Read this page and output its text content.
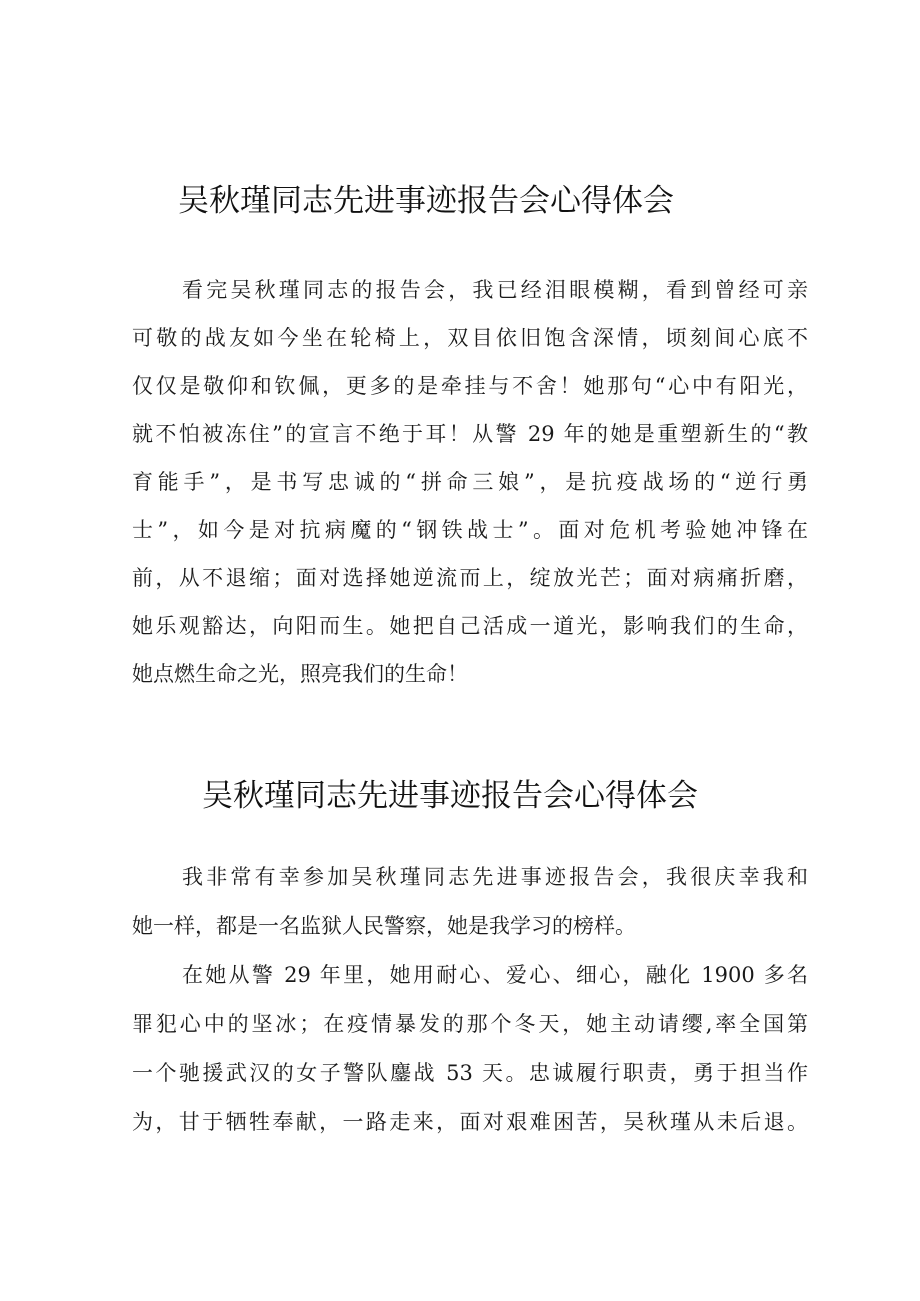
吴秋瑾同志先进事迹报告会心得体会
看完吴秋瑾同志的报告会，我已经泪眼模糊，看到曾经可亲
可敬的战友如今坐在轮椅上，双目依旧饱含深情，顷刻间心底不
仅仅是敬仰和钦佩，更多的是牵挂与不舍！她那句“心中有阳光，
就不怕被冻住”的宣言不绝于耳！从警 29 年的她是重塑新生的“教
育能手”，是书写忠诚的“拼命三娘”，是抗疫战场的“逆行勇
士”，如今是对抗病魔的“钢铁战士”。面对危机考验她冲锋在
前，从不退缩；面对选择她逆流而上，绽放光芒；面对病痛折磨，
她乐观豁达，向阳而生。她把自己活成一道光，影响我们的生命，
她点燃生命之光，照亮我们的生命！
吴秋瑾同志先进事迹报告会心得体会
我非常有幸参加吴秋瑾同志先进事迹报告会，我很庆幸我和
她一样，都是一名监狱人民警察，她是我学习的榜样。
在她从警 29 年里，她用耐心、爱心、细心，融化 1900 多名
罪犯心中的坚冰；在疫情暴发的那个冬天，她主动请缨,率全国第
一个驰援武汉的女子警队鏖战 53 天。忠诚履行职责，勇于担当作
为，甘于牺牲奉献，一路走来，面对艰难困苦，吴秋瑾从未后退。
